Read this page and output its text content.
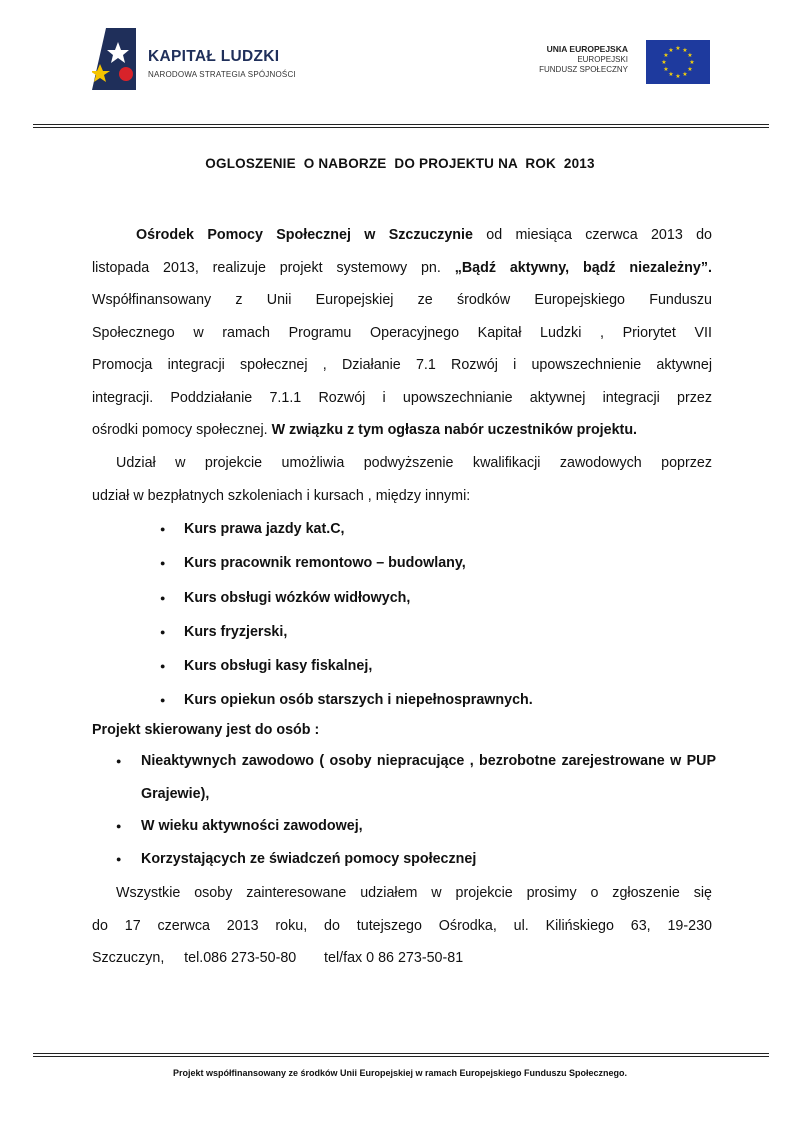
KAPITAŁ LUDZKI
NARODOWA STRATEGIA SPÓJNOŚCI
UNIA EUROPEJSKA
EUROPEJSKI
FUNDUSZ SPOŁECZNY
★ ★
★
★
★
★
★
★
★
★
★
★
OGLOSZENIE  O NABORZE  DO PROJEKTU NA  ROK  2013

Ośrodek Pomocy Społecznej w Szczuczynie od miesiąca czerwca 2013 do

listopada 2013, realizuje projekt systemowy pn. „Bądź aktywny, bądź niezależny”.

Współfinansowany z Unii Europejskiej ze środków Europejskiego Funduszu

Społecznego w ramach Programu Operacyjnego Kapitał Ludzki , Priorytet VII

Promocja integracji społecznej , Działanie 7.1 Rozwój i upowszechnienie aktywnej

integracji. Poddziałanie 7.1.1 Rozwój i upowszechnianie aktywnej integracji przez

ośrodki pomocy społecznej. W związku z tym ogłasza nabór uczestników projektu.

Udział w projekcie umożliwia podwyższenie kwalifikacji zawodowych poprzez

udział w bezpłatnych szkoleniach i kursach , między innymi:

● Kurs prawa jazdy kat.C,
● Kurs pracownik remontowo – budowlany,
● Kurs obsługi wózków widłowych,
● Kurs fryzjerski,
● Kurs obsługi kasy fiskalnej,
● Kurs opiekun osób starszych i niepełnosprawnych.
Projekt skierowany jest do osób :
● Nieaktywnych zawodowo ( osoby niepracujące , bezrobotne zarejestrowane w PUP Grajewie),
● W wieku aktywności zawodowej,
● Korzystających ze świadczeń pomocy społecznej

Wszystkie osoby zainteresowane udziałem w projekcie prosimy o zgłoszenie się

do 17 czerwca 2013 roku, do tutejszego Ośrodka, ul. Kilińskiego 63, 19-230

Szczuczyn,     tel.086 273-50-80       tel/fax 0 86 273-50-81

Projekt współfinansowany ze środków Unii Europejskiej w ramach Europejskiego Funduszu Społecznego.
